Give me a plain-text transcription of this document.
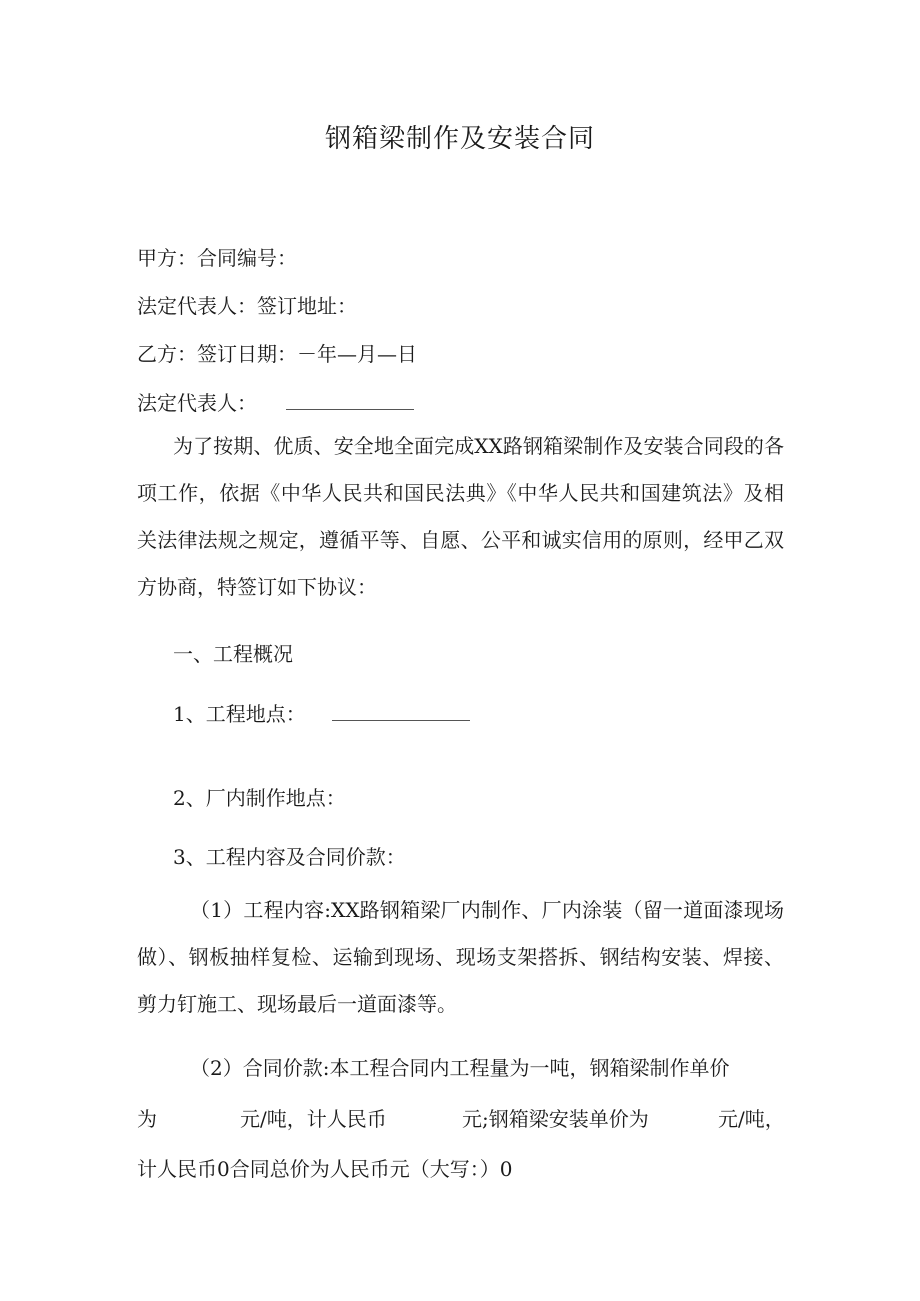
钢箱梁制作及安装合同
甲方：合同编号：
法定代表人：签订地址：
乙方：签订日期：－年—月—日
法定代表人：
为了按期、优质、安全地全面完成XX路钢箱梁制作及安装合同段的各项工作，依据《中华人民共和国民法典》《中华人民共和国建筑法》及相关法律法规之规定，遵循平等、自愿、公平和诚实信用的原则，经甲乙双方协商，特签订如下协议：
一、工程概况
1、工程地点：
2、厂内制作地点：
3、工程内容及合同价款：
（1）工程内容:XX路钢箱梁厂内制作、厂内涂装（留一道面漆现场做）、钢板抽样复检、运输到现场、现场支架搭拆、钢结构安装、焊接、剪力钉施工、现场最后一道面漆等。
（2）合同价款:本工程合同内工程量为一吨，钢箱梁制作单价
为	元/吨，计人民币	元;钢箱梁安装单价为	元/吨，
计人民币0合同总价为人民币元（大写：）0
